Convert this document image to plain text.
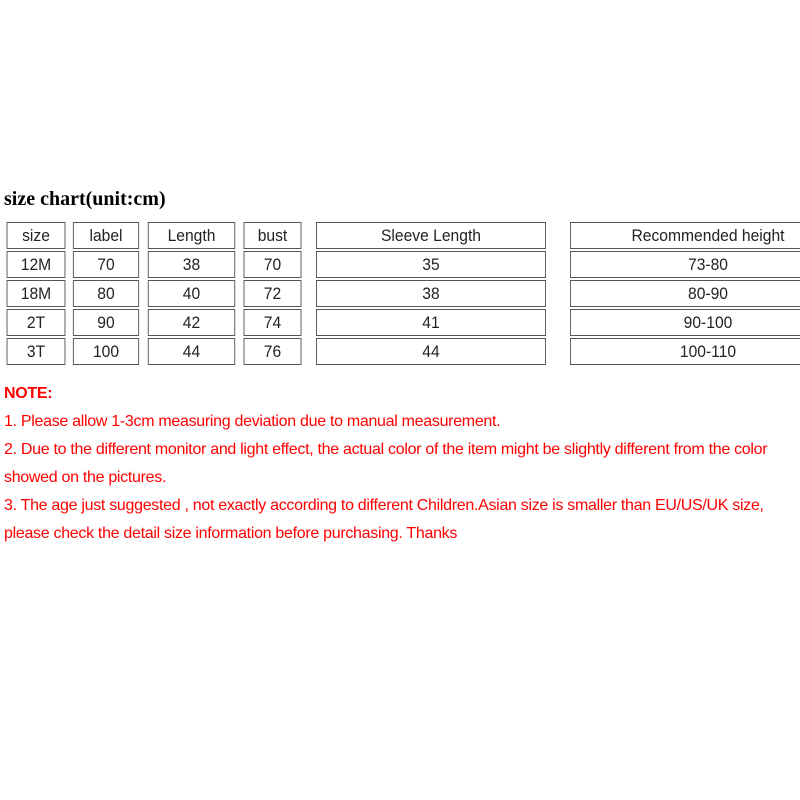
size chart(unit:cm)
size	label	Length	bust	Sleeve Length	Recommended height
12M	70	38	70	35	73-80
18M	80	40	72	38	80-90
2T	90	42	74	41	90-100
3T	100	44	76	44	100-110

NOTE:

1. Please allow 1-3cm measuring deviation due to manual measurement.

2. Due to the different monitor and light effect, the actual color of the item might be slightly different from the color showed on the pictures.

3. The age just suggested , not exactly according to different Children.Asian size is smaller than EU/US/UK size, please check the detail size information before purchasing. Thanks
